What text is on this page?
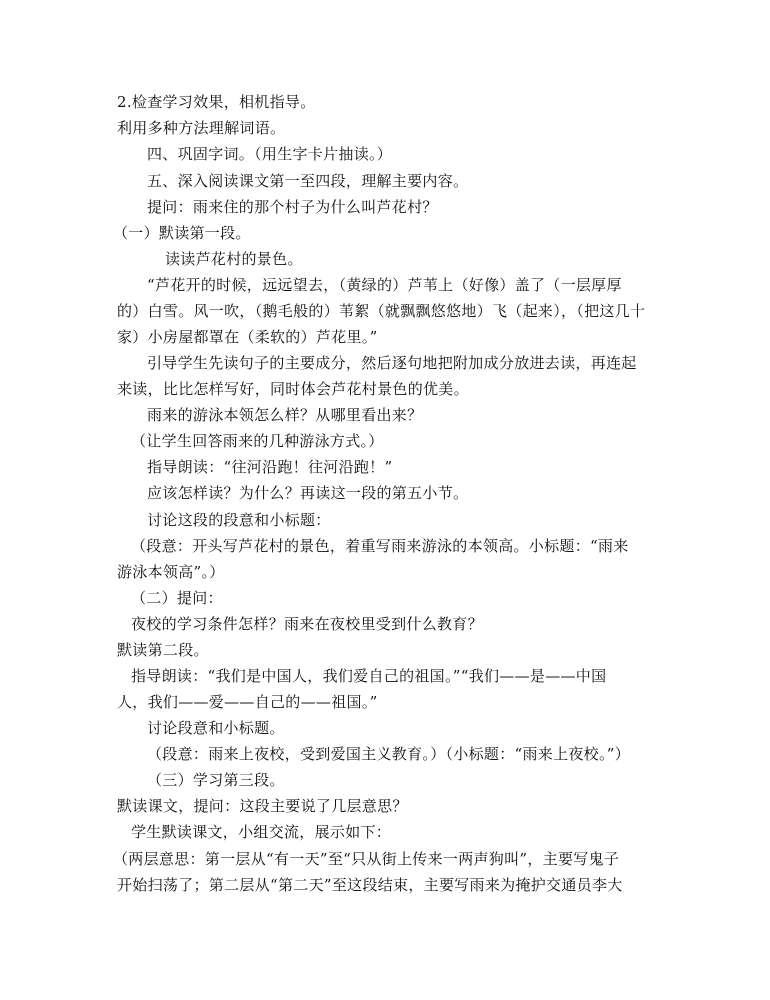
2.检查学习效果，相机指导。
利用多种方法理解词语。
四、巩固字词。（用生字卡片抽读。）
五、深入阅读课文第一至四段，理解主要内容。
提问：雨来住的那个村子为什么叫芦花村？
（一）默读第一段。
读读芦花村的景色。
“芦花开的时候，远远望去，（黄绿的）芦苇上（好像）盖了（一层厚厚
的）白雪。风一吹，（鹅毛般的）苇絮（就飘飘悠悠地）飞（起来），（把这几十
家）小房屋都罩在（柔软的）芦花里。”
引导学生先读句子的主要成分，然后逐句地把附加成分放进去读，再连起
来读，比比怎样写好，同时体会芦花村景色的优美。
雨来的游泳本领怎么样？从哪里看出来？
（让学生回答雨来的几种游泳方式。）
指导朗读：“往河沿跑！往河沿跑！”
应该怎样读？为什么？再读这一段的第五小节。
讨论这段的段意和小标题：
（段意：开头写芦花村的景色，着重写雨来游泳的本领高。小标题：“雨来
游泳本领高”。）
（二）提问：
夜校的学习条件怎样？雨来在夜校里受到什么教育？
默读第二段。
指导朗读：“我们是中国人，我们爱自己的祖国。”“我们——是——中国
人，我们——爱——自己的——祖国。”
讨论段意和小标题。
（段意：雨来上夜校，受到爱国主义教育。）（小标题：“雨来上夜校。”）
（三）学习第三段。
默读课文，提问：这段主要说了几层意思？
学生默读课文，小组交流，展示如下：
（两层意思：第一层从“有一天”至“只从街上传来一两声狗叫”，主要写鬼子
开始扫荡了；第二层从“第二天”至这段结束，主要写雨来为掩护交通员李大
